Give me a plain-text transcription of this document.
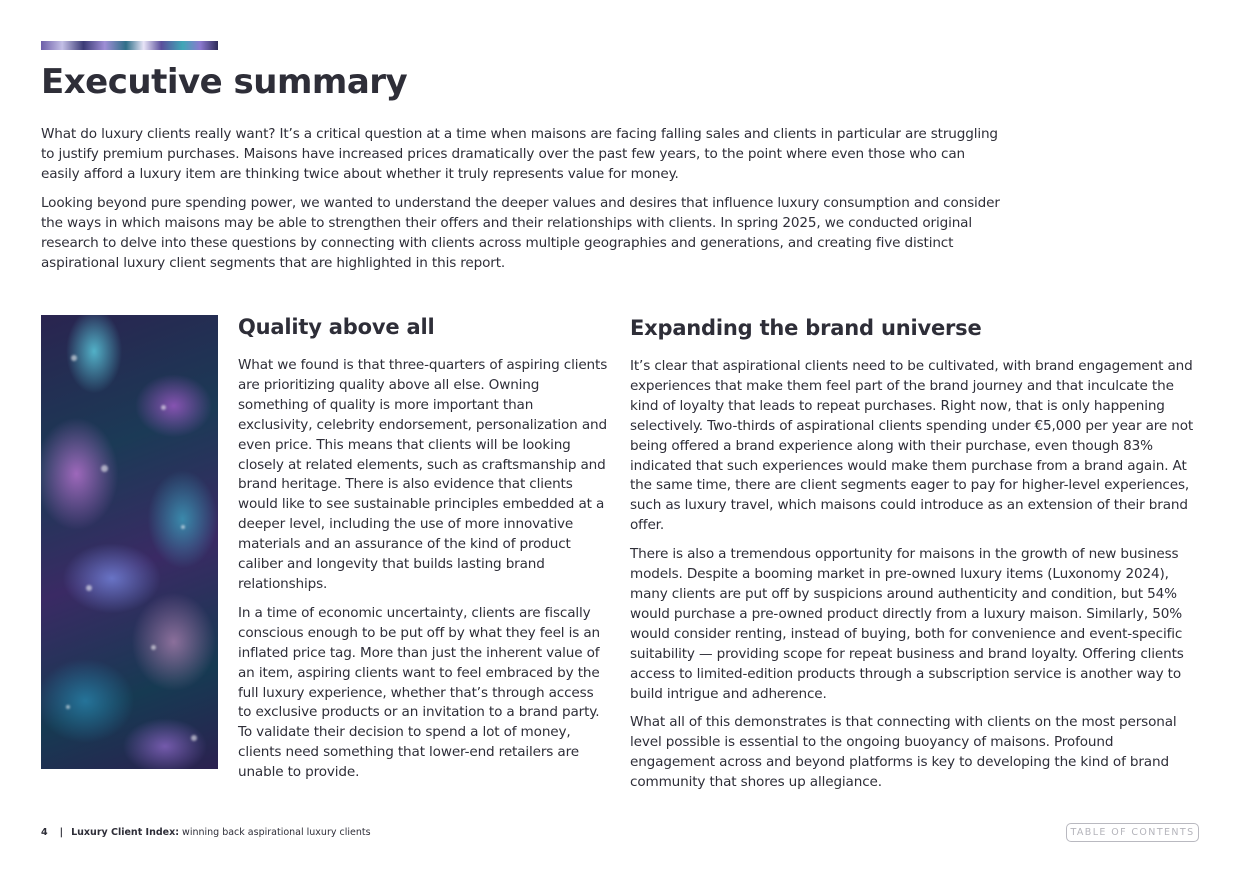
Executive summary

What do luxury clients really want? It’s a critical question at a time when maisons are facing falling sales and clients in particular are struggling to justify premium purchases. Maisons have increased prices dramatically over the past few years, to the point where even those who can easily afford a luxury item are thinking twice about whether it truly represents value for money.

Looking beyond pure spending power, we wanted to understand the deeper values and desires that influence luxury consumption and consider the ways in which maisons may be able to strengthen their offers and their relationships with clients. In spring 2025, we conducted original research to delve into these questions by connecting with clients across multiple geographies and generations, and creating five distinct aspirational luxury client segments that are highlighted in this report.

Quality above all

What we found is that three-quarters of aspiring clients are prioritizing quality above all else. Owning something of quality is more important than exclusivity, celebrity endorsement, personalization and even price. This means that clients will be looking closely at related elements, such as craftsmanship and brand heritage. There is also evidence that clients would like to see sustainable principles embedded at a deeper level, including the use of more innovative materials and an assurance of the kind of product caliber and longevity that builds lasting brand relationships.

In a time of economic uncertainty, clients are fiscally conscious enough to be put off by what they feel is an inflated price tag. More than just the inherent value of an item, aspiring clients want to feel embraced by the full luxury experience, whether that’s through access to exclusive products or an invitation to a brand party. To validate their decision to spend a lot of money, clients need something that lower-end retailers are unable to provide.

Expanding the brand universe

It’s clear that aspirational clients need to be cultivated, with brand engagement and experiences that make them feel part of the brand journey and that inculcate the kind of loyalty that leads to repeat purchases. Right now, that is only happening selectively. Two-thirds of aspirational clients spending under €5,000 per year are not being offered a brand experience along with their purchase, even though 83% indicated that such experiences would make them purchase from a brand again. At the same time, there are client segments eager to pay for higher-level experiences, such as luxury travel, which maisons could introduce as an extension of their brand offer.

There is also a tremendous opportunity for maisons in the growth of new business models. Despite a booming market in pre-owned luxury items (Luxonomy 2024), many clients are put off by suspicions around authenticity and condition, but 54% would purchase a pre-owned product directly from a luxury maison. Similarly, 50% would consider renting, instead of buying, both for convenience and event-specific suitability — providing scope for repeat business and brand loyalty. Offering clients access to limited-edition products through a subscription service is another way to build intrigue and adherence.

What all of this demonstrates is that connecting with clients on the most personal level possible is essential to the ongoing buoyancy of maisons. Profound engagement across and beyond platforms is key to developing the kind of brand community that shores up allegiance.

4 | Luxury Client Index: winning back aspirational luxury clients	TABLE OF CONTENTS
